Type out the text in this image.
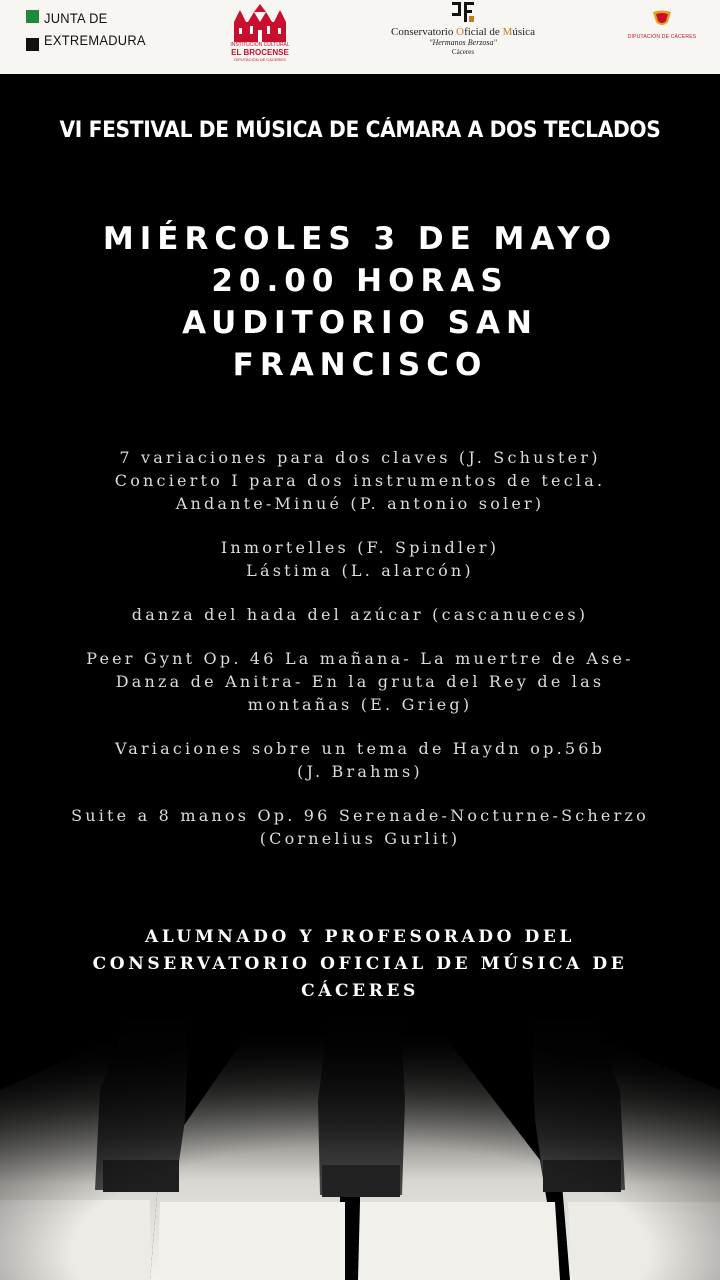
JUNTA DE
EXTREMADURA	INSTITUCIÓN CULTURAL
EL BROCENSE
DIPUTACIÓN DE CÁCERES
Conservatorio Oficial de Música
"Hermanos Berzosa"
Cáceres
DIPUTACIÓN DE CÁCERES
VI FESTIVAL DE MÚSICA DE CÁMARA A DOS TECLADOS
MIÉRCOLES 3 DE MAYO
20.00 HORAS
AUDITORIO SAN
FRANCISCO
7 variaciones para dos claves (J. Schuster)
Concierto I para dos instrumentos de tecla.
Andante-Minué (P. antonio soler)
Inmortelles (F. Spindler)
Lástima (L. alarcón)
danza del hada del azúcar (cascanueces)
Peer Gynt Op. 46 La mañana- La muertre de Ase-
Danza de Anitra- En la gruta del Rey de las
montañas (E. Grieg)
Variaciones sobre un tema de Haydn op.56b
(J. Brahms)
Suite a 8 manos Op. 96 Serenade-Nocturne-Scherzo
(Cornelius Gurlit)
ALUMNADO Y PROFESORADO DEL
CONSERVATORIO OFICIAL DE MÚSICA DE
CÁCERES
